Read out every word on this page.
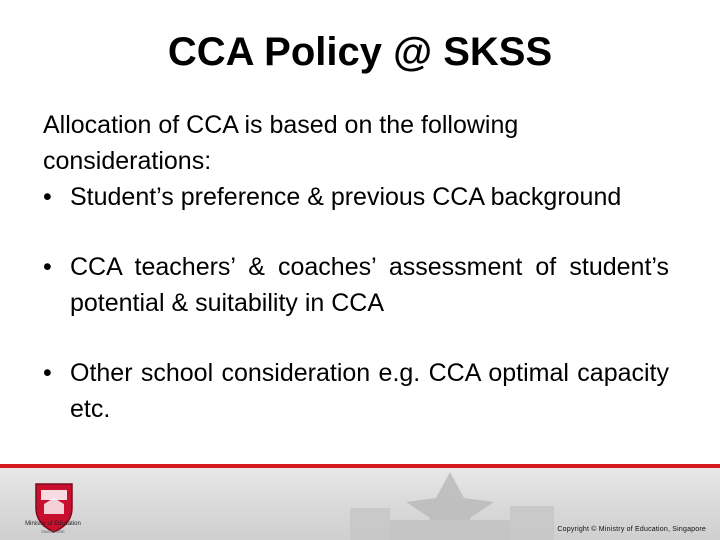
CCA Policy @ SKSS

Allocation of CCA is based on the following considerations:

• Student’s preference & previous CCA background
• CCA teachers’ & coaches’ assessment of student’s potential & suitability in CCA
• Other school consideration e.g. CCA optimal capacity etc.
Ministry of Education
SINGAPORE	Copyright © Ministry of Education, Singapore
